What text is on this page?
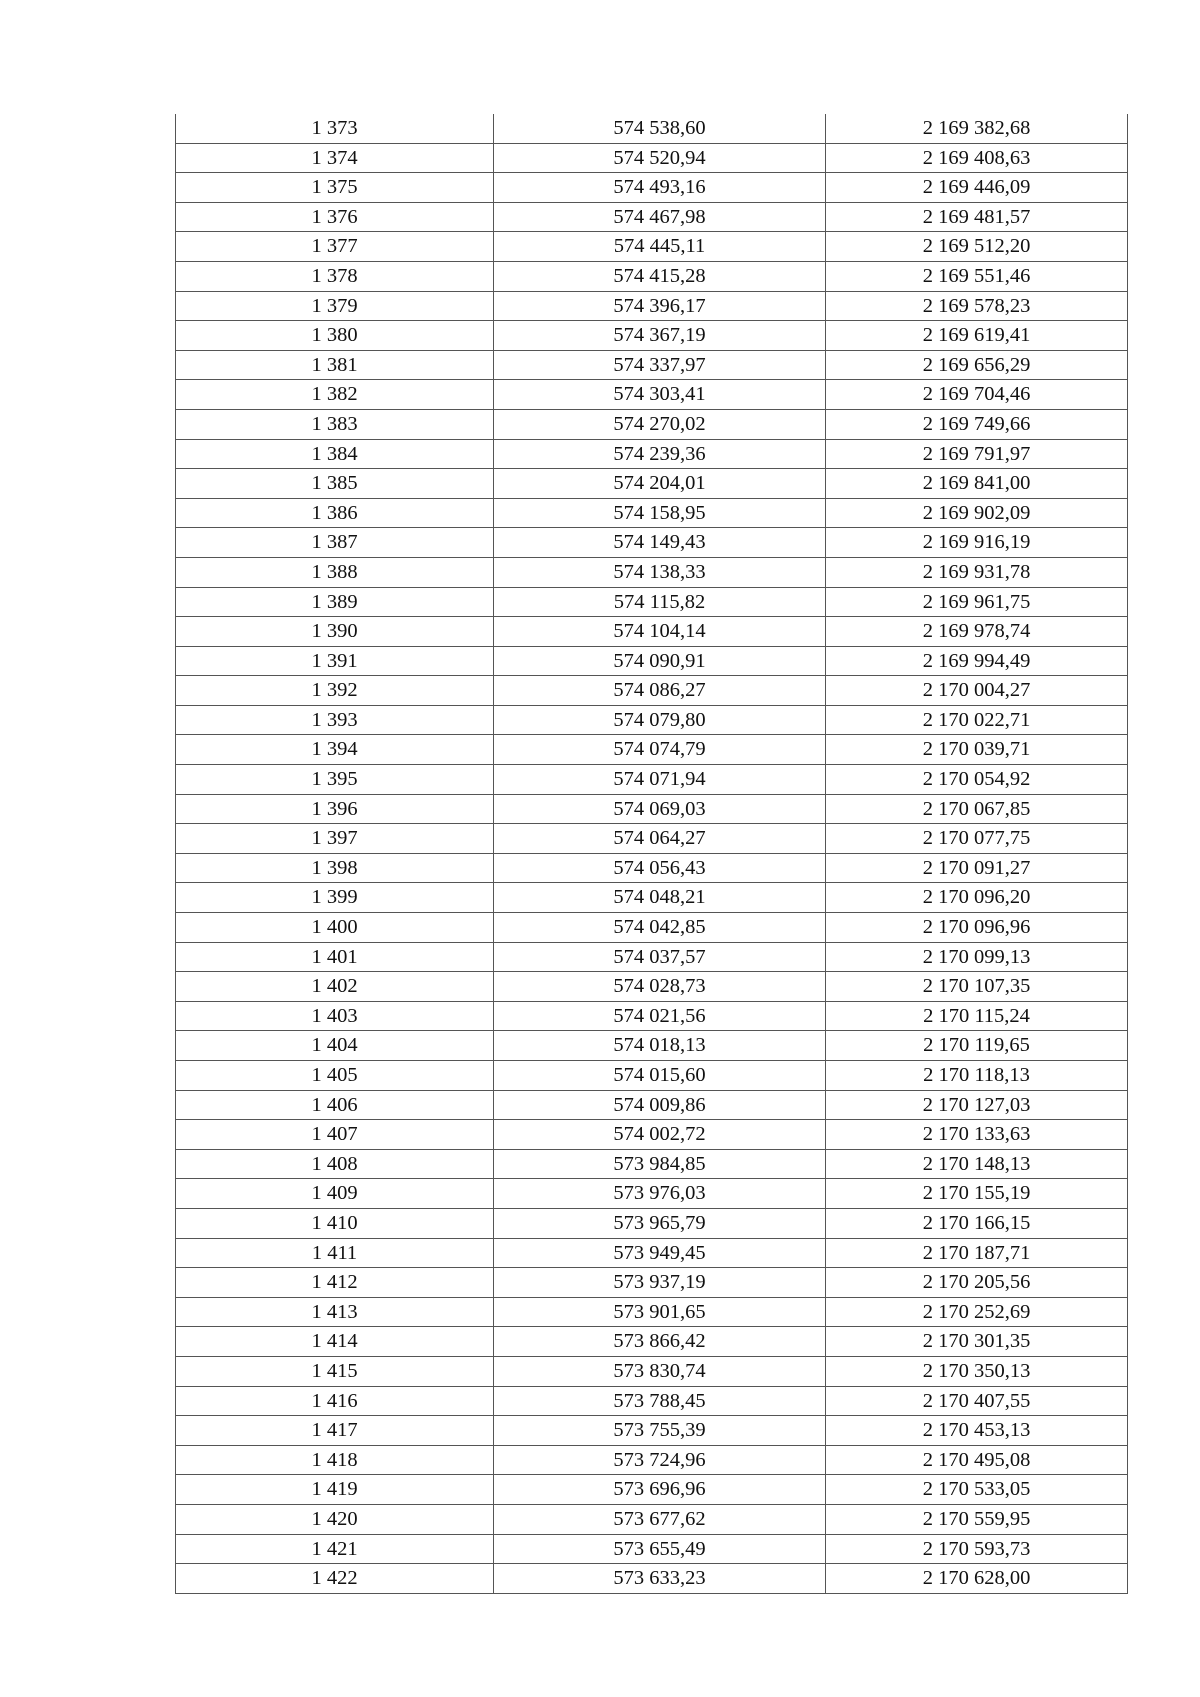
1 373	574 538,60	2 169 382,68
1 374	574 520,94	2 169 408,63
1 375	574 493,16	2 169 446,09
1 376	574 467,98	2 169 481,57
1 377	574 445,11	2 169 512,20
1 378	574 415,28	2 169 551,46
1 379	574 396,17	2 169 578,23
1 380	574 367,19	2 169 619,41
1 381	574 337,97	2 169 656,29
1 382	574 303,41	2 169 704,46
1 383	574 270,02	2 169 749,66
1 384	574 239,36	2 169 791,97
1 385	574 204,01	2 169 841,00
1 386	574 158,95	2 169 902,09
1 387	574 149,43	2 169 916,19
1 388	574 138,33	2 169 931,78
1 389	574 115,82	2 169 961,75
1 390	574 104,14	2 169 978,74
1 391	574 090,91	2 169 994,49
1 392	574 086,27	2 170 004,27
1 393	574 079,80	2 170 022,71
1 394	574 074,79	2 170 039,71
1 395	574 071,94	2 170 054,92
1 396	574 069,03	2 170 067,85
1 397	574 064,27	2 170 077,75
1 398	574 056,43	2 170 091,27
1 399	574 048,21	2 170 096,20
1 400	574 042,85	2 170 096,96
1 401	574 037,57	2 170 099,13
1 402	574 028,73	2 170 107,35
1 403	574 021,56	2 170 115,24
1 404	574 018,13	2 170 119,65
1 405	574 015,60	2 170 118,13
1 406	574 009,86	2 170 127,03
1 407	574 002,72	2 170 133,63
1 408	573 984,85	2 170 148,13
1 409	573 976,03	2 170 155,19
1 410	573 965,79	2 170 166,15
1 411	573 949,45	2 170 187,71
1 412	573 937,19	2 170 205,56
1 413	573 901,65	2 170 252,69
1 414	573 866,42	2 170 301,35
1 415	573 830,74	2 170 350,13
1 416	573 788,45	2 170 407,55
1 417	573 755,39	2 170 453,13
1 418	573 724,96	2 170 495,08
1 419	573 696,96	2 170 533,05
1 420	573 677,62	2 170 559,95
1 421	573 655,49	2 170 593,73
1 422	573 633,23	2 170 628,00
